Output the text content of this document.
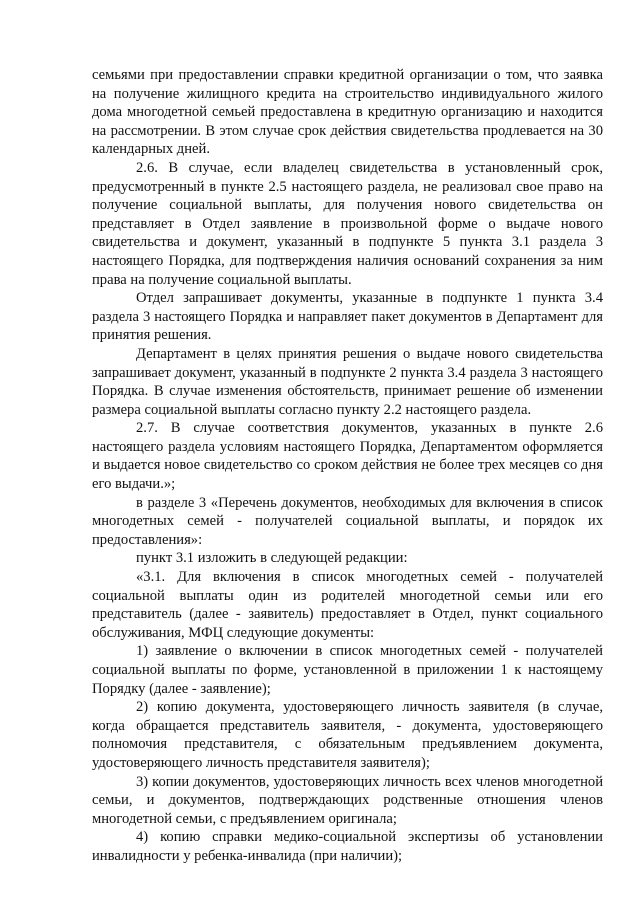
семьями при предоставлении справки кредитной организации о том, что заявка на получение жилищного кредита на строительство индивидуального жилого дома многодетной семьей предоставлена в кредитную организацию и находится на рассмотрении. В этом случае срок действия свидетельства продлевается на 30 календарных дней.

2.6. В случае, если владелец свидетельства в установленный срок, предусмотренный в пункте 2.5 настоящего раздела, не реализовал свое право на получение социальной выплаты, для получения нового свидетельства он представляет в Отдел заявление в произвольной форме о выдаче нового свидетельства и документ, указанный в подпункте 5 пункта 3.1 раздела 3 настоящего Порядка, для подтверждения наличия оснований сохранения за ним права на получение социальной выплаты.

Отдел запрашивает документы, указанные в подпункте 1 пункта 3.4 раздела 3 настоящего Порядка и направляет пакет документов в Департамент для принятия решения.

Департамент в целях принятия решения о выдаче нового свидетельства запрашивает документ, указанный в подпункте 2 пункта 3.4 раздела 3 настоящего Порядка. В случае изменения обстоятельств, принимает решение об изменении размера социальной выплаты согласно пункту 2.2 настоящего раздела.

2.7. В случае соответствия документов, указанных в пункте 2.6 настоящего раздела условиям настоящего Порядка, Департаментом оформляется и выдается новое свидетельство со сроком действия не более трех месяцев со дня его выдачи.»;

в разделе 3 «Перечень документов, необходимых для включения в список многодетных семей - получателей социальной выплаты, и порядок их предоставления»:

пункт 3.1 изложить в следующей редакции:

«3.1. Для включения в список многодетных семей - получателей социальной выплаты один из родителей многодетной семьи или его представитель (далее - заявитель) предоставляет в Отдел, пункт социального обслуживания, МФЦ следующие документы:

1) заявление о включении в список многодетных семей - получателей социальной выплаты по форме, установленной в приложении 1 к настоящему Порядку (далее - заявление);

2) копию документа, удостоверяющего личность заявителя (в случае, когда обращается представитель заявителя, - документа, удостоверяющего полномочия представителя, с обязательным предъявлением документа, удостоверяющего личность представителя заявителя);

3) копии документов, удостоверяющих личность всех членов многодетной семьи, и документов, подтверждающих родственные отношения членов многодетной семьи, с предъявлением оригинала;

4) копию справки медико-социальной экспертизы об установлении инвалидности у ребенка-инвалида (при наличии);
